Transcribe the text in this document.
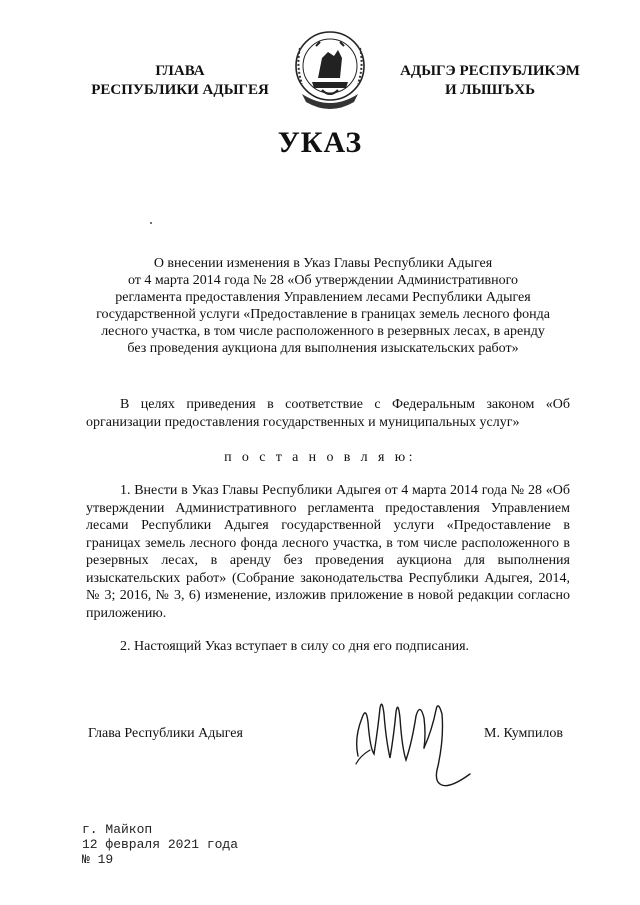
ГЛАВА
РЕСПУБЛИКИ АДЫГЕЯ
АДЫГЭ РЕСПУБЛИКЭМ
И ЛЫШЪХЬ
УКАЗ
О внесении изменения в Указ Главы Республики Адыгея
от 4 марта 2014 года № 28 «Об утверждении Административного
регламента предоставления Управлением лесами Республики Адыгея
государственной услуги «Предоставление в границах земель лесного фонда
лесного участка, в том числе расположенного в резервных лесах, в аренду
без проведения аукциона для выполнения изыскательских работ»
В целях приведения в соответствие с Федеральным законом «Об организации предоставления государственных и муниципальных услуг»
п о с т а н о в л я ю:
1. Внести в Указ Главы Республики Адыгея от 4 марта 2014 года № 28 «Об утверждении Административного регламента предоставления Управлением лесами Республики Адыгея государственной услуги «Предоставление в границах земель лесного фонда лесного участка, в том числе расположенного в резервных лесах, в аренду без проведения аукциона для выполнения изыскательских работ» (Собрание законодательства Республики Адыгея, 2014, № 3; 2016, № 3, 6) изменение, изложив приложение в новой редакции согласно приложению.
2. Настоящий Указ вступает в силу со дня его подписания.
Глава Республики Адыгея	М. Кумпилов
г. Майкоп
12 февраля 2021 года
№ 19
